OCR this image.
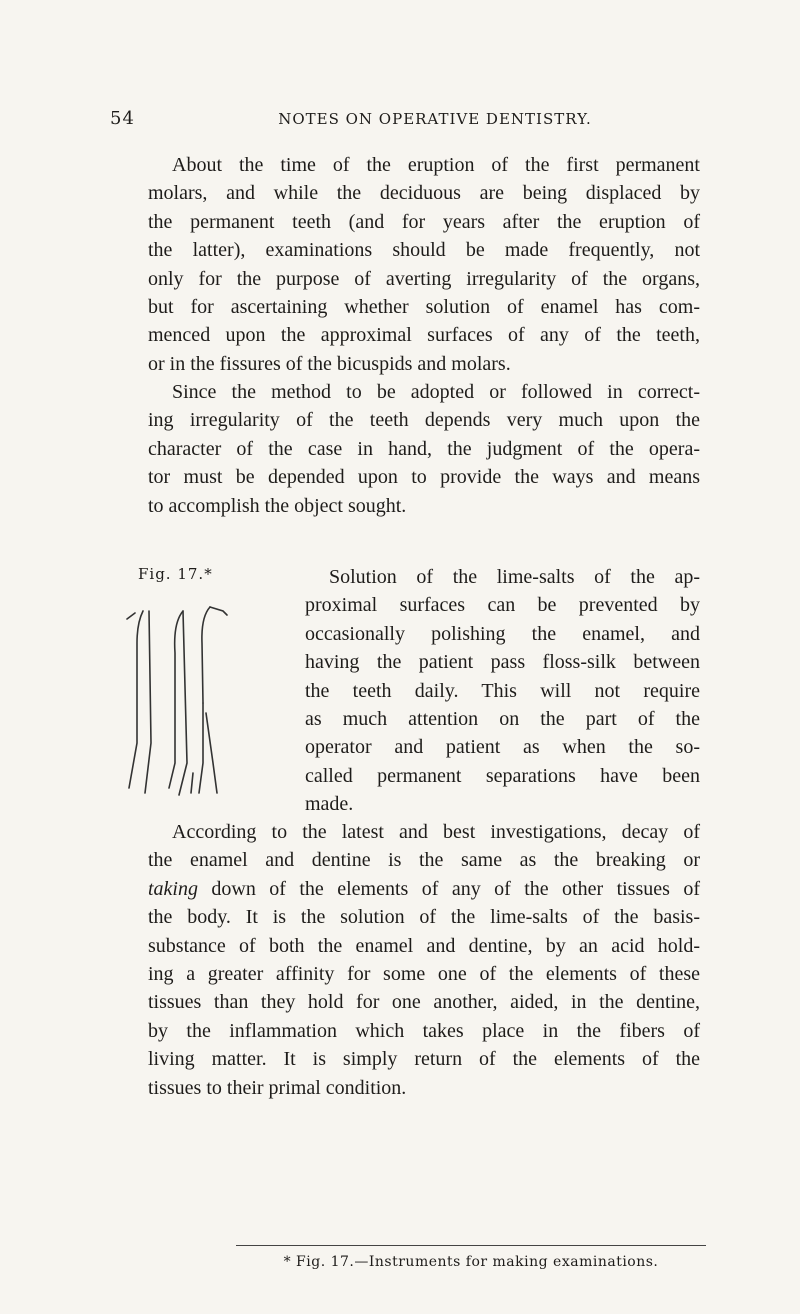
54	NOTES ON OPERATIVE DENTISTRY.
About the time of the eruption of the first permanent
molars, and while the deciduous are being displaced by
the permanent teeth (and for years after the eruption of
the latter), examinations should be made frequently, not
only for the purpose of averting irregularity of the organs,
but for ascertaining whether solution of enamel has com-
menced upon the approximal surfaces of any of the teeth,
or in the fissures of the bicuspids and molars.
Since the method to be adopted or followed in correct-
ing irregularity of the teeth depends very much upon the
character of the case in hand, the judgment of the opera-
tor must be depended upon to provide the ways and means
to accomplish the object sought.
Fig. 17.*	Solution of the lime-salts of the ap-
proximal surfaces can be prevented by
occasionally polishing the enamel, and
having the patient pass floss-silk between
the teeth daily. This will not require
as much attention on the part of the
operator and patient as when the so-
called permanent separations have been
made.
According to the latest and best investigations, decay of
the enamel and dentine is the same as the breaking or
taking down of the elements of any of the other tissues of
the body. It is the solution of the lime-salts of the basis-
substance of both the enamel and dentine, by an acid hold-
ing a greater affinity for some one of the elements of these
tissues than they hold for one another, aided, in the dentine,
by the inflammation which takes place in the fibers of
living matter. It is simply return of the elements of the
tissues to their primal condition.
* Fig. 17.—Instruments for making examinations.
